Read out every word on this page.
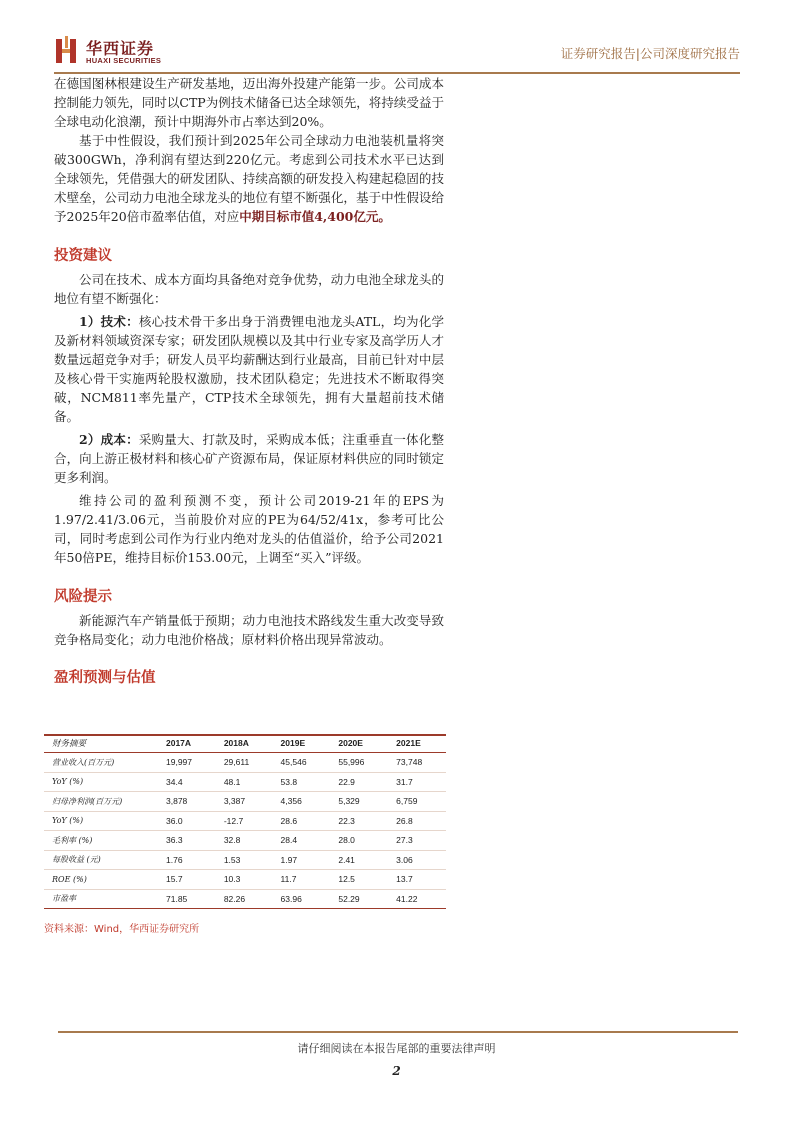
华西证券
HUAXI SECURITIES	证券研究报告|公司深度研究报告

在德国图林根建设生产研发基地，迈出海外投建产能第一步。公司成本控制能力领先，同时以CTP为例技术储备已达全球领先，将持续受益于全球电动化浪潮，预计中期海外市占率达到20%。

基于中性假设，我们预计到2025年公司全球动力电池装机量将突破300GWh，净利润有望达到220亿元。考虑到公司技术水平已达到全球领先，凭借强大的研发团队、持续高额的研发投入构建起稳固的技术壁垒，公司动力电池全球龙头的地位有望不断强化，基于中性假设给予2025年20倍市盈率估值，对应中期目标市值4,400亿元。

投资建议

公司在技术、成本方面均具备绝对竞争优势，动力电池全球龙头的地位有望不断强化：

1）技术：核心技术骨干多出身于消费锂电池龙头ATL，均为化学及新材料领域资深专家；研发团队规模以及其中行业专家及高学历人才数量远超竞争对手；研发人员平均薪酬达到行业最高，目前已针对中层及核心骨干实施两轮股权激励，技术团队稳定；先进技术不断取得突破，NCM811率先量产，CTP技术全球领先，拥有大量超前技术储备。

2）成本：采购量大、打款及时，采购成本低；注重垂直一体化整合，向上游正极材料和核心矿产资源布局，保证原材料供应的同时锁定更多利润。

维持公司的盈利预测不变，预计公司2019-21年的EPS为1.97/2.41/3.06元，当前股价对应的PE为64/52/41x，参考可比公司，同时考虑到公司作为行业内绝对龙头的估值溢价，给予公司2021年50倍PE，维持目标价153.00元，上调至“买入”评级。

风险提示

新能源汽车产销量低于预期；动力电池技术路线发生重大改变导致竞争格局变化；动力电池价格战；原材料价格出现异常波动。

盈利预测与估值

财务摘要	2017A	2018A	2019E	2020E	2021E
营业收入(百万元)	19,997	29,611	45,546	55,996	73,748
YoY (%)	34.4	48.1	53.8	22.9	31.7
归母净利润(百万元)	3,878	3,387	4,356	5,329	6,759
YoY (%)	36.0	-12.7	28.6	22.3	26.8
毛利率 (%)	36.3	32.8	28.4	28.0	27.3
每股收益 (元)	1.76	1.53	1.97	2.41	3.06
ROE (%)	15.7	10.3	11.7	12.5	13.7
市盈率	71.85	82.26	63.96	52.29	41.22
资料来源：Wind，华西证券研究所
请仔细阅读在本报告尾部的重要法律声明
2
